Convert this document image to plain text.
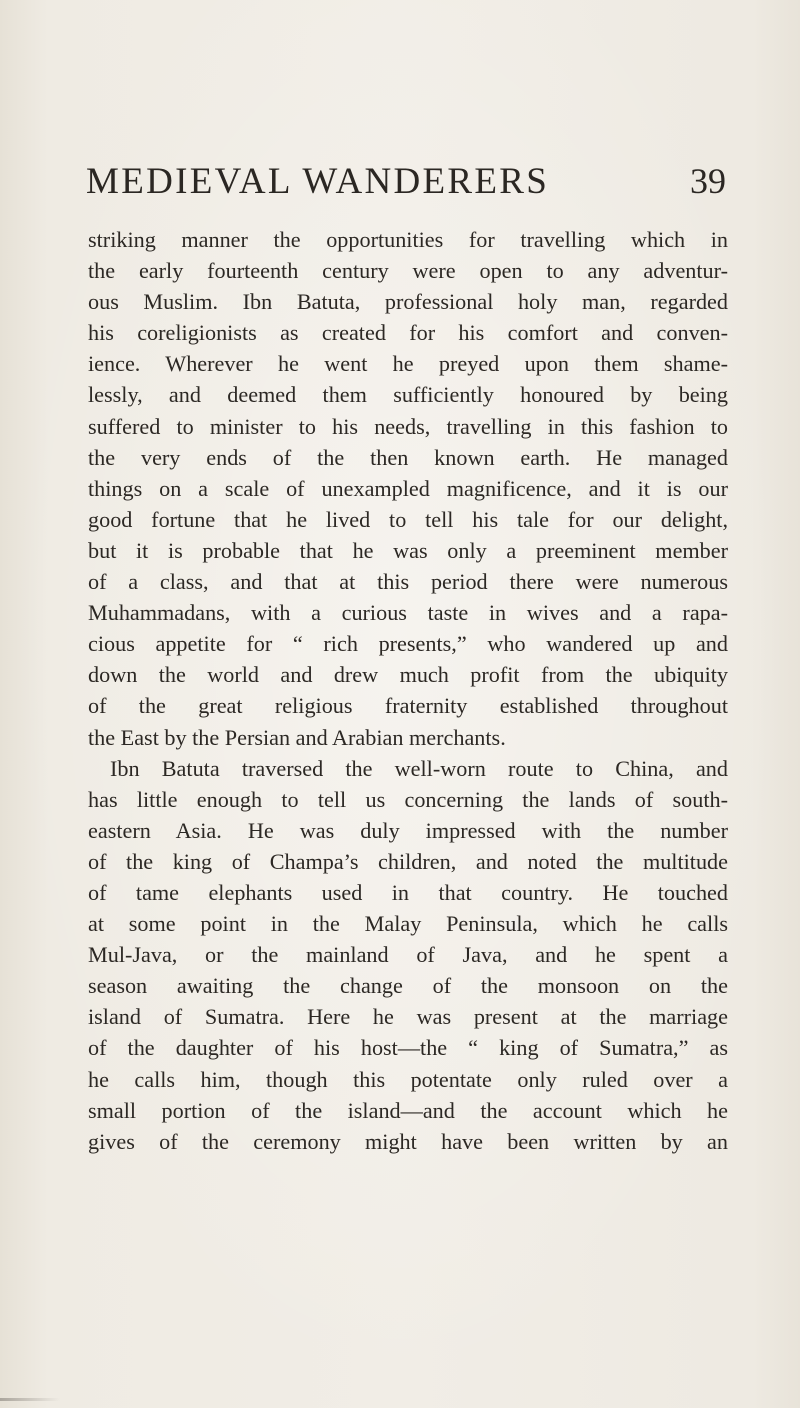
MEDIEVAL WANDERERS	39
striking manner the opportunities for travelling which in
the early fourteenth century were open to any adventur-
ous Muslim. Ibn Batuta, professional holy man, regarded
his coreligionists as created for his comfort and conven-
ience. Wherever he went he preyed upon them shame-
lessly, and deemed them sufficiently honoured by being
suffered to minister to his needs, travelling in this fashion to
the very ends of the then known earth. He managed
things on a scale of unexampled magnificence, and it is our
good fortune that he lived to tell his tale for our delight,
but it is probable that he was only a preeminent member
of a class, and that at this period there were numerous
Muhammadans, with a curious taste in wives and a rapa-
cious appetite for “ rich presents,” who wandered up and
down the world and drew much profit from the ubiquity
of the great religious fraternity established throughout
the East by the Persian and Arabian merchants.
Ibn Batuta traversed the well-worn route to China, and
has little enough to tell us concerning the lands of south-
eastern Asia. He was duly impressed with the number
of the king of Champa’s children, and noted the multitude
of tame elephants used in that country. He touched
at some point in the Malay Peninsula, which he calls
Mul-Java, or the mainland of Java, and he spent a
season awaiting the change of the monsoon on the
island of Sumatra. Here he was present at the marriage
of the daughter of his host—the “ king of Sumatra,” as
he calls him, though this potentate only ruled over a
small portion of the island—and the account which he
gives of the ceremony might have been written by an
